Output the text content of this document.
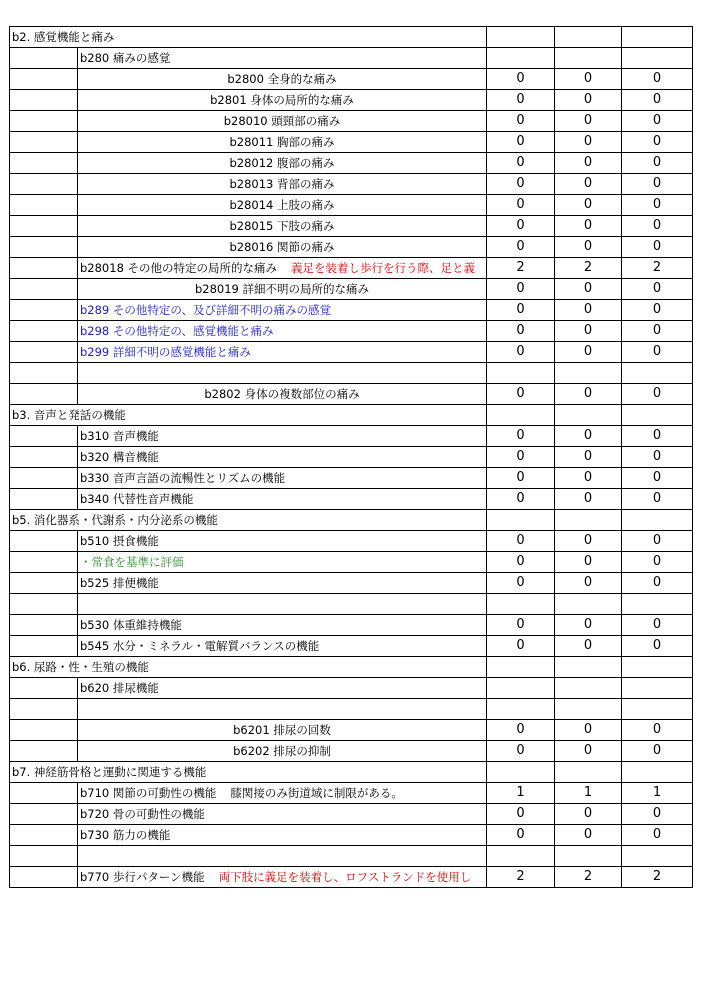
b2. 感覚機能と痛み				
	b280 痛みの感覚			
	b2800 全身的な痛み	0	0	0
	b2801 身体の局所的な痛み	0	0	0
	b28010 頭頸部の痛み	0	0	0
	b28011 胸部の痛み	0	0	0
	b28012 腹部の痛み	0	0	0
	b28013 背部の痛み	0	0	0
	b28014 上肢の痛み	0	0	0
	b28015 下肢の痛み	0	0	0
	b28016 関節の痛み	0	0	0
	b28018 その他の特定の局所的な痛み 義足を装着し歩行を行う際、足と義	2	2	2
	b28019 詳細不明の局所的な痛み	0	0	0
	b289 その他特定の、及び詳細不明の痛みの感覚	0	0	0
	b298 その他特定の、感覚機能と痛み	0	0	0
	b299 詳細不明の感覚機能と痛み	0	0	0

	b2802 身体の複数部位の痛み	0	0	0
b3. 音声と発話の機能				
	b310 音声機能	0	0	0
	b320 構音機能	0	0	0
	b330 音声言語の流暢性とリズムの機能	0	0	0
	b340 代替性音声機能	0	0	0
b5. 消化器系・代謝系・内分泌系の機能				
	b510 摂食機能	0	0	0
	・常食を基準に評価	0	0	0
	b525 排便機能	0	0	0

	b530 体重維持機能	0	0	0
	b545 水分・ミネラル・電解質バランスの機能	0	0	0
b6. 尿路・性・生殖の機能				
	b620 排尿機能			

	b6201 排尿の回数	0	0	0
	b6202 排尿の抑制	0	0	0
b7. 神経筋骨格と運動に関連する機能				
	b710 関節の可動性の機能 膝関接のみ街道域に制限がある。	1	1	1
	b720 骨の可動性の機能	0	0	0
	b730 筋力の機能	0	0	0

	b770 歩行パターン機能 両下肢に義足を装着し、ロフストランドを使用し	2	2	2
